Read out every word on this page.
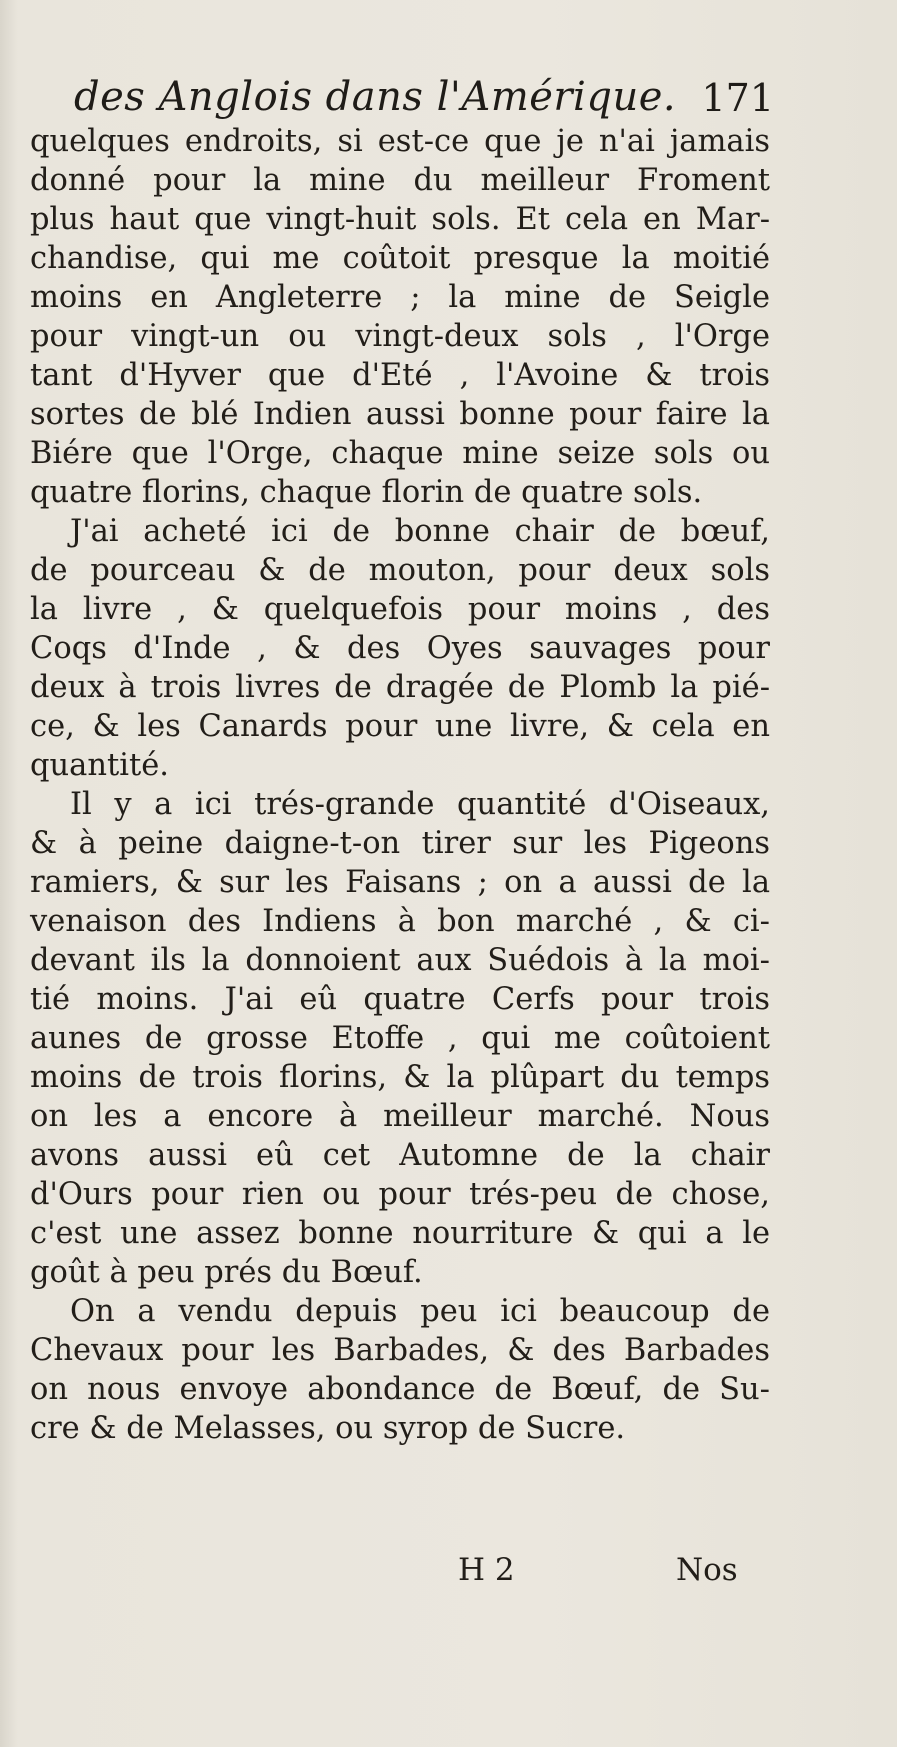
des Anglois dans l'Amérique. 171
quelques endroits, si est-ce que je n'ai jamais
donné pour la mine du meilleur Froment
plus haut que vingt-huit sols. Et cela en Mar-
chandise, qui me coûtoit presque la moitié
moins en Angleterre ; la mine de Seigle
pour vingt-un ou vingt-deux sols , l'Orge
tant d'Hyver que d'Eté , l'Avoine & trois
sortes de blé Indien aussi bonne pour faire la
Biére que l'Orge, chaque mine seize sols ou
quatre florins, chaque florin de quatre sols.
J'ai acheté ici de bonne chair de bœuf,
de pourceau & de mouton, pour deux sols
la livre , & quelquefois pour moins , des
Coqs d'Inde , & des Oyes sauvages pour
deux à trois livres de dragée de Plomb la pié-
ce, & les Canards pour une livre, & cela en
quantité.
Il y a ici trés-grande quantité d'Oiseaux,
& à peine daigne-t-on tirer sur les Pigeons
ramiers, & sur les Faisans ; on a aussi de la
venaison des Indiens à bon marché , & ci-
devant ils la donnoient aux Suédois à la moi-
tié moins. J'ai eû quatre Cerfs pour trois
aunes de grosse Etoffe , qui me coûtoient
moins de trois florins, & la plûpart du temps
on les a encore à meilleur marché. Nous
avons aussi eû cet Automne de la chair
d'Ours pour rien ou pour trés-peu de chose,
c'est une assez bonne nourriture & qui a le
goût à peu prés du Bœuf.
On a vendu depuis peu ici beaucoup de
Chevaux pour les Barbades, & des Barbades
on nous envoye abondance de Bœuf, de Su-
cre & de Melasses, ou syrop de Sucre.
H 2	Nos
